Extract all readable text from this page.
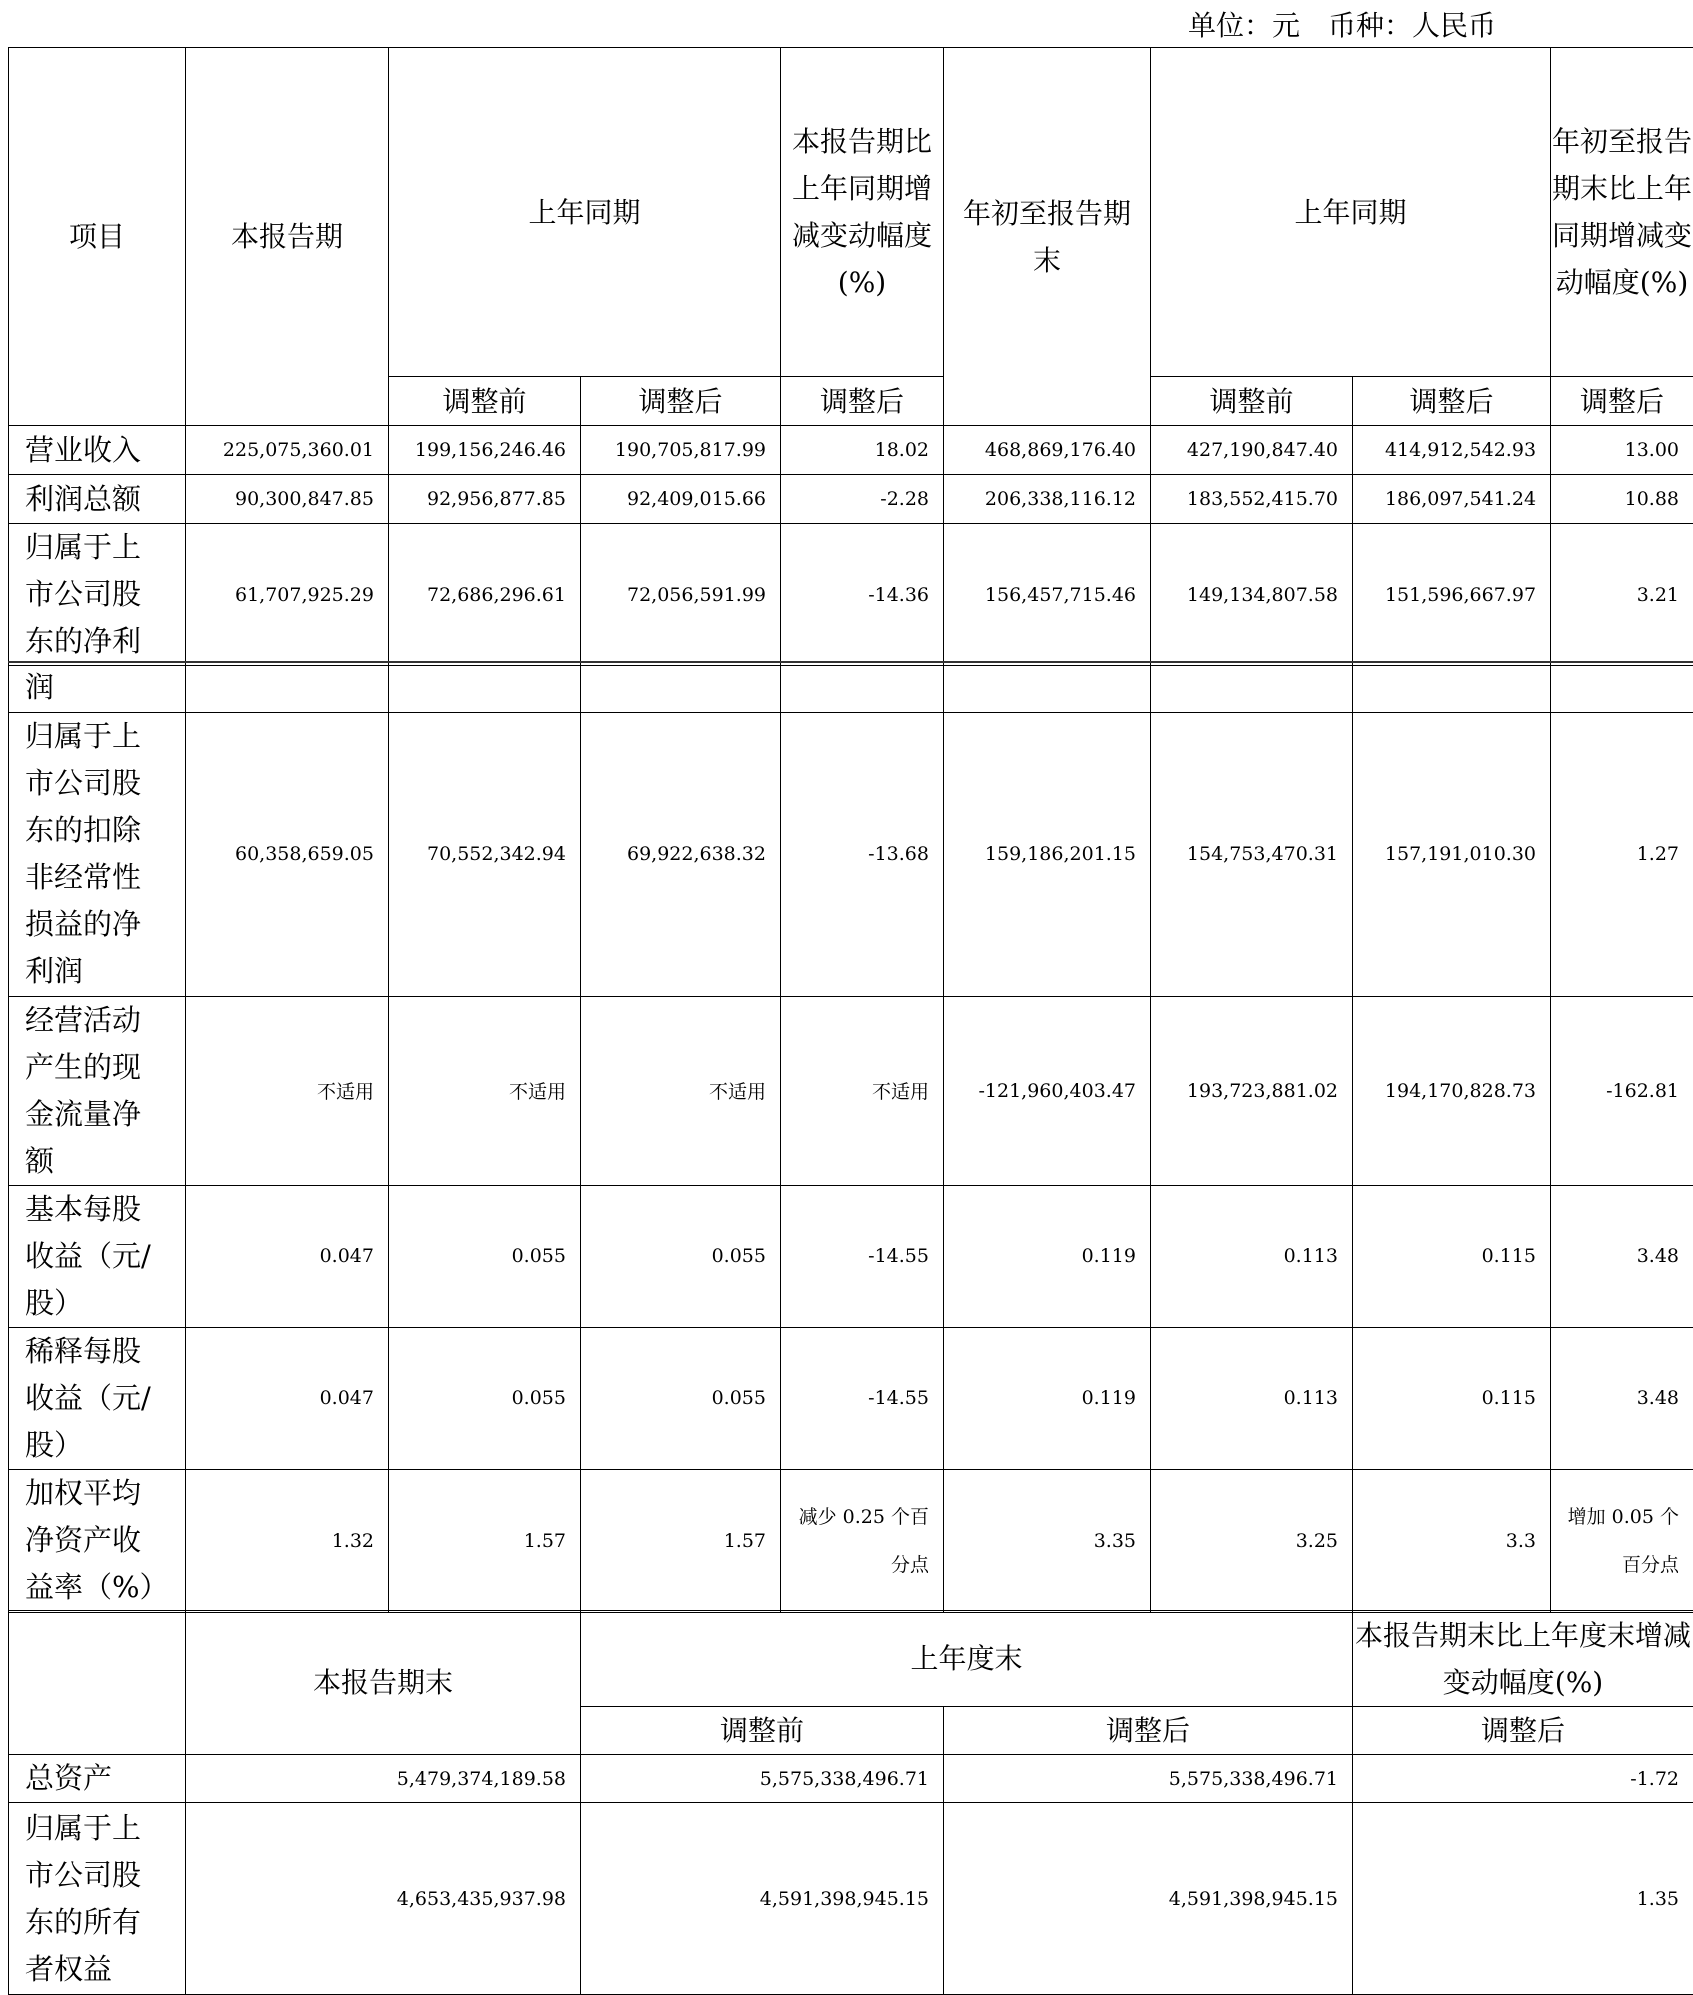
单位：元　币种：人民币
项目	本报告期	上年同期		本报告期比上年同期增减变动幅度(%)	年初至报告期末	上年同期		年初至报告期末比上年同期增减变动幅度(%)
		调整前	调整后	调整后		调整前	调整后	调整后
营业收入	225,075,360.01	199,156,246.46	190,705,817.99	18.02	468,869,176.40	427,190,847.40	414,912,542.93	13.00
利润总额	90,300,847.85	92,956,877.85	92,409,015.66	-2.28	206,338,116.12	183,552,415.70	186,097,541.24	10.88
归属于上市公司股东的净利	61,707,925.29	72,686,296.61	72,056,591.99	-14.36	156,457,715.46	149,134,807.58	151,596,667.97	3.21
润								
归属于上市公司股东的扣除非经常性损益的净利润	60,358,659.05	70,552,342.94	69,922,638.32	-13.68	159,186,201.15	154,753,470.31	157,191,010.30	1.27
经营活动产生的现金流量净额	不适用	不适用	不适用	不适用	-121,960,403.47	193,723,881.02	194,170,828.73	-162.81
基本每股收益（元/股）	0.047	0.055	0.055	-14.55	0.119	0.113	0.115	3.48
稀释每股收益（元/股）	0.047	0.055	0.055	-14.55	0.119	0.113	0.115	3.48
加权平均净资产收益率（%）	1.32	1.57	1.57	减少 0.25 个百分点	3.35	3.25	3.3	增加 0.05 个百分点
	本报告期末	上年度末		本报告期末比上年度末增减变动幅度(%)
		调整前	调整后	调整后
总资产	5,479,374,189.58	5,575,338,496.71	5,575,338,496.71	-1.72
归属于上市公司股东的所有者权益	4,653,435,937.98	4,591,398,945.15	4,591,398,945.15	1.35
